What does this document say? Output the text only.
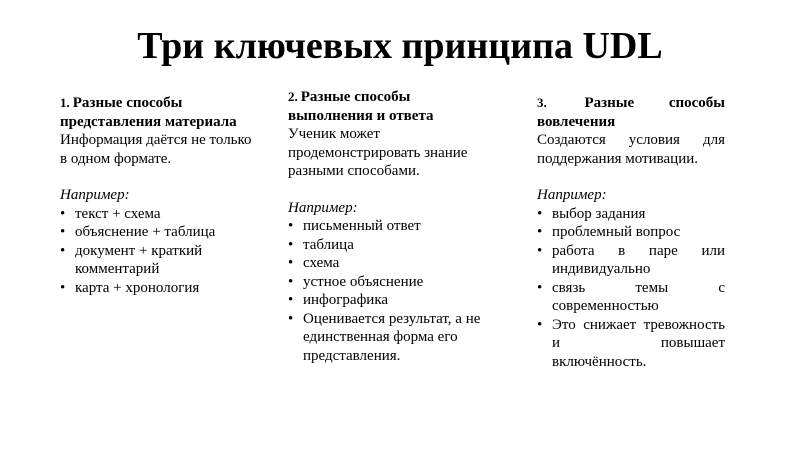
Три ключевых принципа UDL

1. Разные способы представления материала

Информация даётся не только в одном формате.

Например:

• текст + схема
• объяснение + таблица
• документ + краткий комментарий
• карта + хронология

2. Разные способы выполнения и ответа

Ученик может продемонстрировать знание разными способами.

Например:

• письменный ответ
• таблица
• схема
• устное объяснение
• инфографика
• Оценивается результат, а не единственная форма его представления.

3.	Разные способы вовлечения

Создаются условия для поддержания мотивации.

Например:

• выбор задания
• проблемный вопрос
• работа в паре или индивидуально
• связь темы с современностью
• Это снижает тревожность и повышает включённость.
